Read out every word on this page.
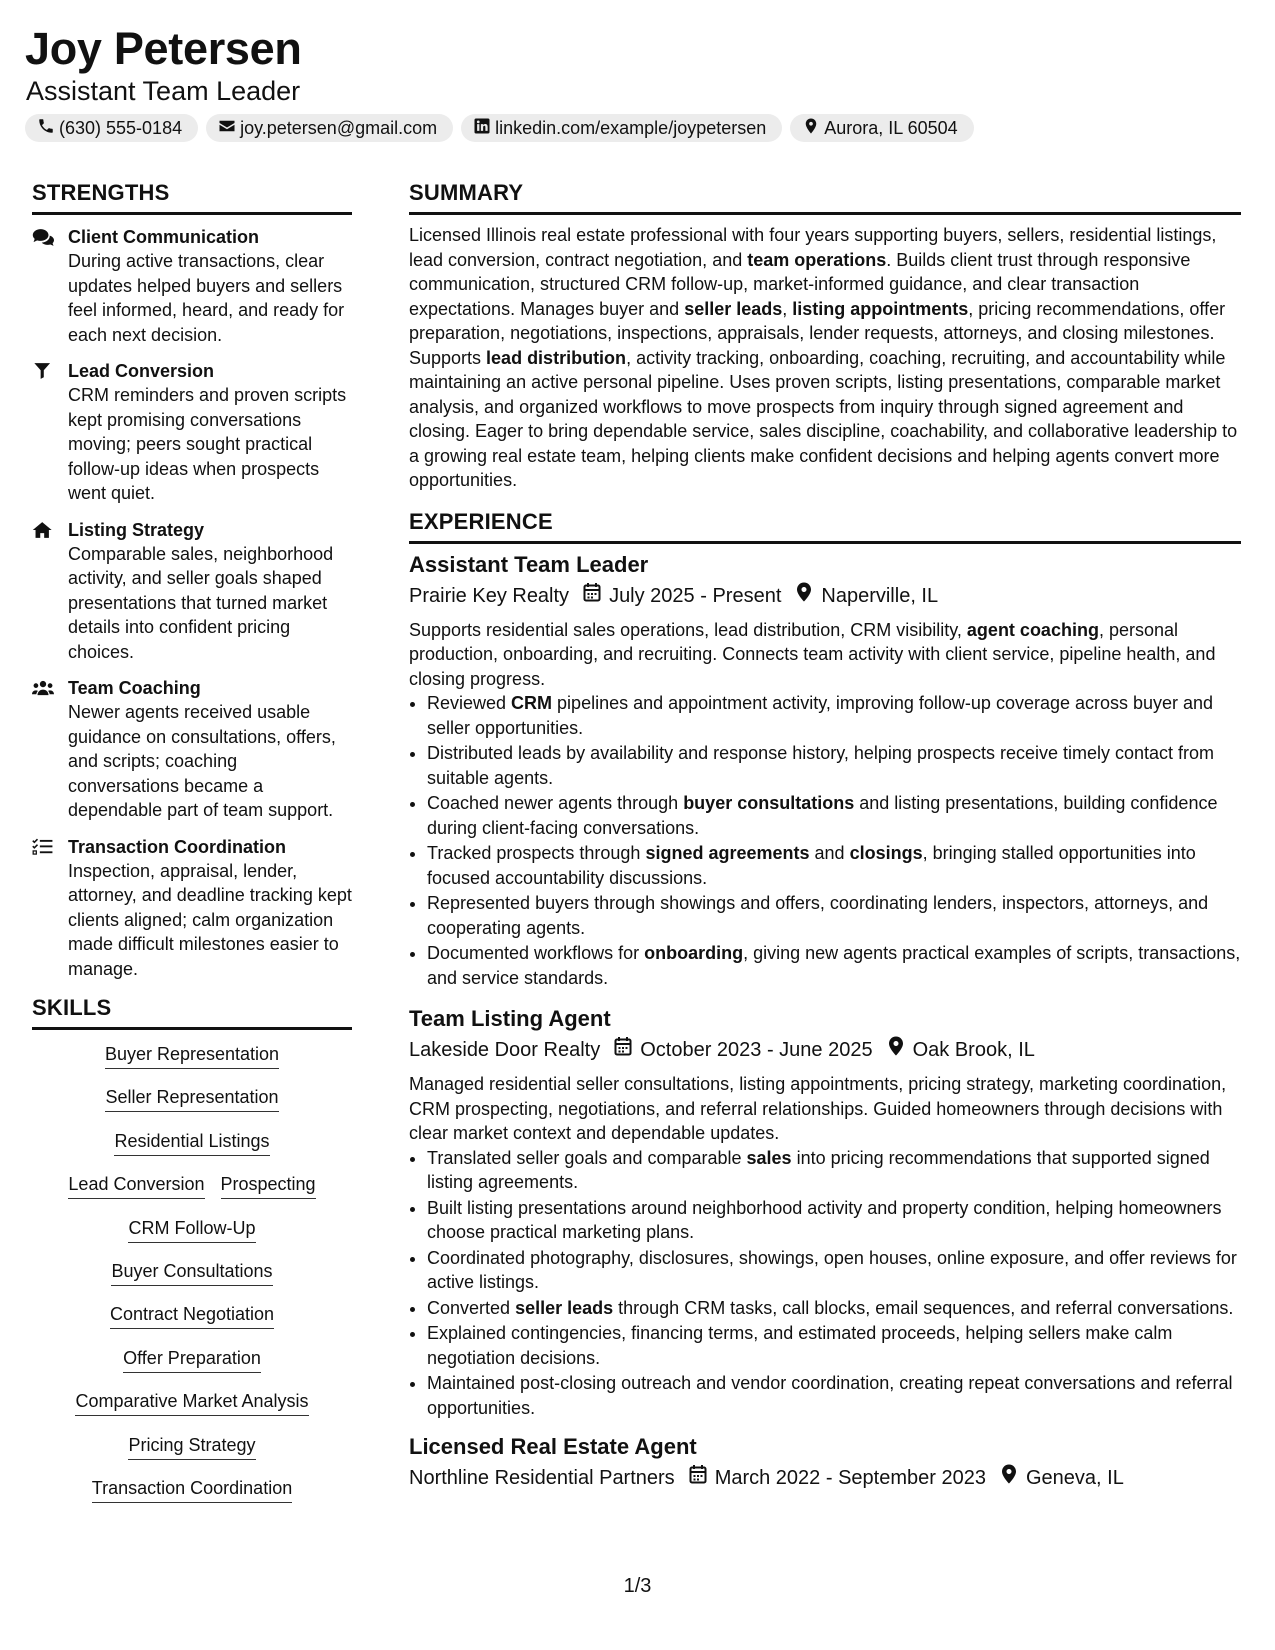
Joy Petersen
Assistant Team Leader
(630) 555-0184	joy.petersen@gmail.com	linkedin.com/example/joypetersen	Aurora, IL 60504
STRENGTHS
Client Communication
During active transactions, clear updates helped buyers and sellers feel informed, heard, and ready for each next decision.
Lead Conversion
CRM reminders and proven scripts kept promising conversations moving; peers sought practical follow-up ideas when prospects went quiet.
Listing Strategy
Comparable sales, neighborhood activity, and seller goals shaped presentations that turned market details into confident pricing choices.
Team Coaching
Newer agents received usable guidance on consultations, offers, and scripts; coaching conversations became a dependable part of team support.
Transaction Coordination
Inspection, appraisal, lender, attorney, and deadline tracking kept clients aligned; calm organization made difficult milestones easier to manage.
SKILLS
Buyer Representation
Seller Representation
Residential Listings
Lead Conversion Prospecting
CRM Follow-Up
Buyer Consultations
Contract Negotiation
Offer Preparation
Comparative Market Analysis
Pricing Strategy
Transaction Coordination
SUMMARY

Licensed Illinois real estate professional with four years supporting buyers, sellers, residential listings, lead conversion, contract negotiation, and team operations. Builds client trust through responsive communication, structured CRM follow-up, market-informed guidance, and clear transaction expectations. Manages buyer and seller leads, listing appointments, pricing recommendations, offer preparation, negotiations, inspections, appraisals, lender requests, attorneys, and closing milestones. Supports lead distribution, activity tracking, onboarding, coaching, recruiting, and accountability while maintaining an active personal pipeline. Uses proven scripts, listing presentations, comparable market analysis, and organized workflows to move prospects from inquiry through signed agreement and closing. Eager to bring dependable service, sales discipline, coachability, and collaborative leadership to a growing real estate team, helping clients make confident decisions and helping agents convert more opportunities.

EXPERIENCE
Assistant Team Leader
Prairie Key Realty July 2025 - Present Naperville, IL
Supports residential sales operations, lead distribution, CRM visibility, agent coaching, personal production, onboarding, and recruiting. Connects team activity with client service, pipeline health, and closing progress.
• Reviewed CRM pipelines and appointment activity, improving follow-up coverage across buyer and seller opportunities.
• Distributed leads by availability and response history, helping prospects receive timely contact from suitable agents.
• Coached newer agents through buyer consultations and listing presentations, building confidence during client-facing conversations.
• Tracked prospects through signed agreements and closings, bringing stalled opportunities into focused accountability discussions.
• Represented buyers through showings and offers, coordinating lenders, inspectors, attorneys, and cooperating agents.
• Documented workflows for onboarding, giving new agents practical examples of scripts, transactions, and service standards.
Team Listing Agent
Lakeside Door Realty October 2023 - June 2025 Oak Brook, IL
Managed residential seller consultations, listing appointments, pricing strategy, marketing coordination, CRM prospecting, negotiations, and referral relationships. Guided homeowners through decisions with clear market context and dependable updates.
• Translated seller goals and comparable sales into pricing recommendations that supported signed listing agreements.
• Built listing presentations around neighborhood activity and property condition, helping homeowners choose practical marketing plans.
• Coordinated photography, disclosures, showings, open houses, online exposure, and offer reviews for active listings.
• Converted seller leads through CRM tasks, call blocks, email sequences, and referral conversations.
• Explained contingencies, financing terms, and estimated proceeds, helping sellers make calm negotiation decisions.
• Maintained post-closing outreach and vendor coordination, creating repeat conversations and referral opportunities.
Licensed Real Estate Agent
Northline Residential Partners March 2022 - September 2023 Geneva, IL
1/3
